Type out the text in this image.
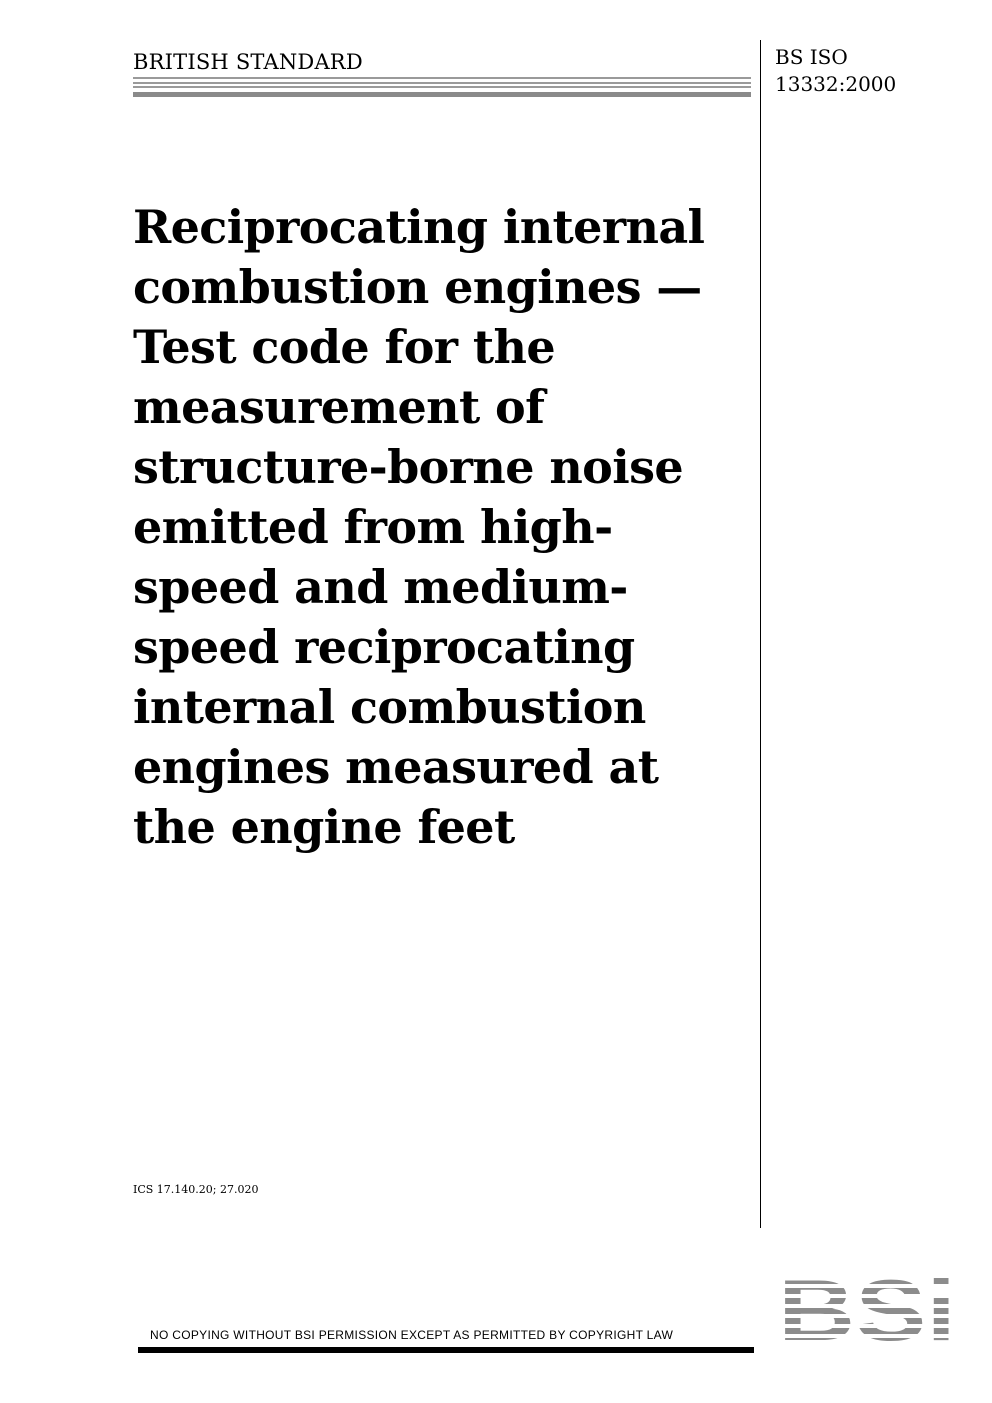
BRITISH STANDARD	BS ISO
13332:2000
Reciprocating internal
combustion engines —
Test code for the
measurement of
structure-borne noise
emitted from high-
speed and medium-
speed reciprocating
internal combustion
engines measured at
the engine feet
ICS 17.140.20; 27.020
NO COPYING WITHOUT BSI PERMISSION EXCEPT AS PERMITTED BY COPYRIGHT LAW
